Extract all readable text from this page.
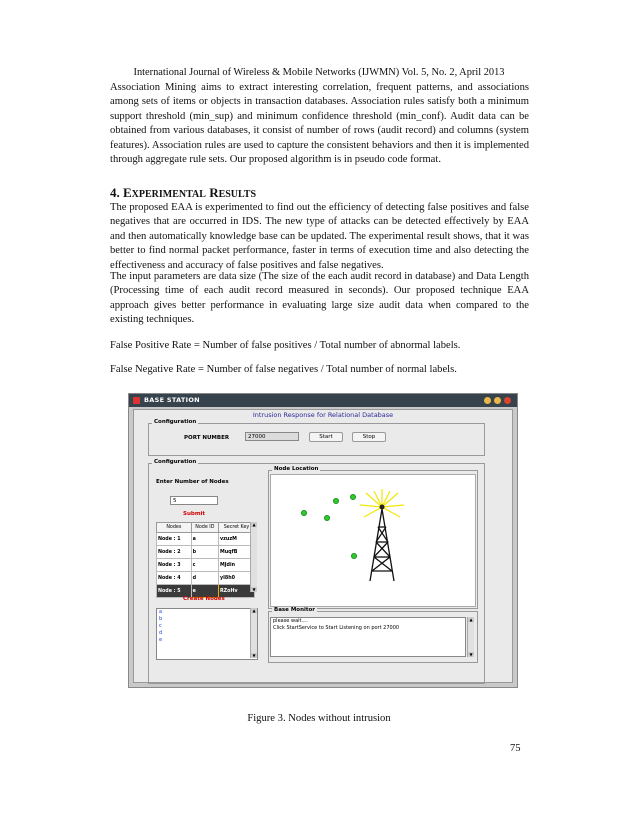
International Journal of Wireless & Mobile Networks (IJWMN) Vol. 5, No. 2, April 2013
Association Mining aims to extract interesting correlation, frequent patterns, and associations among sets of items or objects in transaction databases. Association rules satisfy both a minimum support threshold (min_sup) and minimum confidence threshold (min_conf). Audit data can be obtained from various databases, it consist of number of rows (audit record) and columns (system features). Association rules are used to capture the consistent behaviors and then it is implemented through aggregate rule sets. Our proposed algorithm is in pseudo code format.
4. EXPERIMENTAL RESULTS
The proposed EAA is experimented to find out the efficiency of detecting false positives and false negatives that are occurred in IDS. The new type of attacks can be detected effectively by EAA and then automatically knowledge base can be updated. The experimental result shows, that it was better to find normal packet performance, faster in terms of execution time and also detecting the effectiveness and accuracy of false positives and false negatives.
The input parameters are data size (The size of the each audit record in database) and Data Length (Processing time of each audit record measured in seconds). Our proposed technique EAA approach gives better performance in evaluating large size audit data when compared to the existing techniques.
False Positive Rate = Number of false positives / Total number of abnormal labels.
False Negative Rate = Number of false negatives / Total number of normal labels.
BASE STATION
Intrusion Response for Relational Database
Configuration
PORT NUMBER	27000	Start	Stop
Configuration
Enter Number of Nodes
5
Submit
Nodes	Node ID	Secret Key
Node : 1	a	vzuzM
Node : 2	b	MuqfB
Node : 3	c	MJdin
Node : 4	d	yI8h0
Node : 5	e	RZoHv
▲
▼
Create Nodes
a
b
c
d
e
▲
▼
Node Location
Base Monitor
please wait....
Click StartService to Start Listening on port 27000
▲
▼
Figure 3. Nodes without intrusion
75
